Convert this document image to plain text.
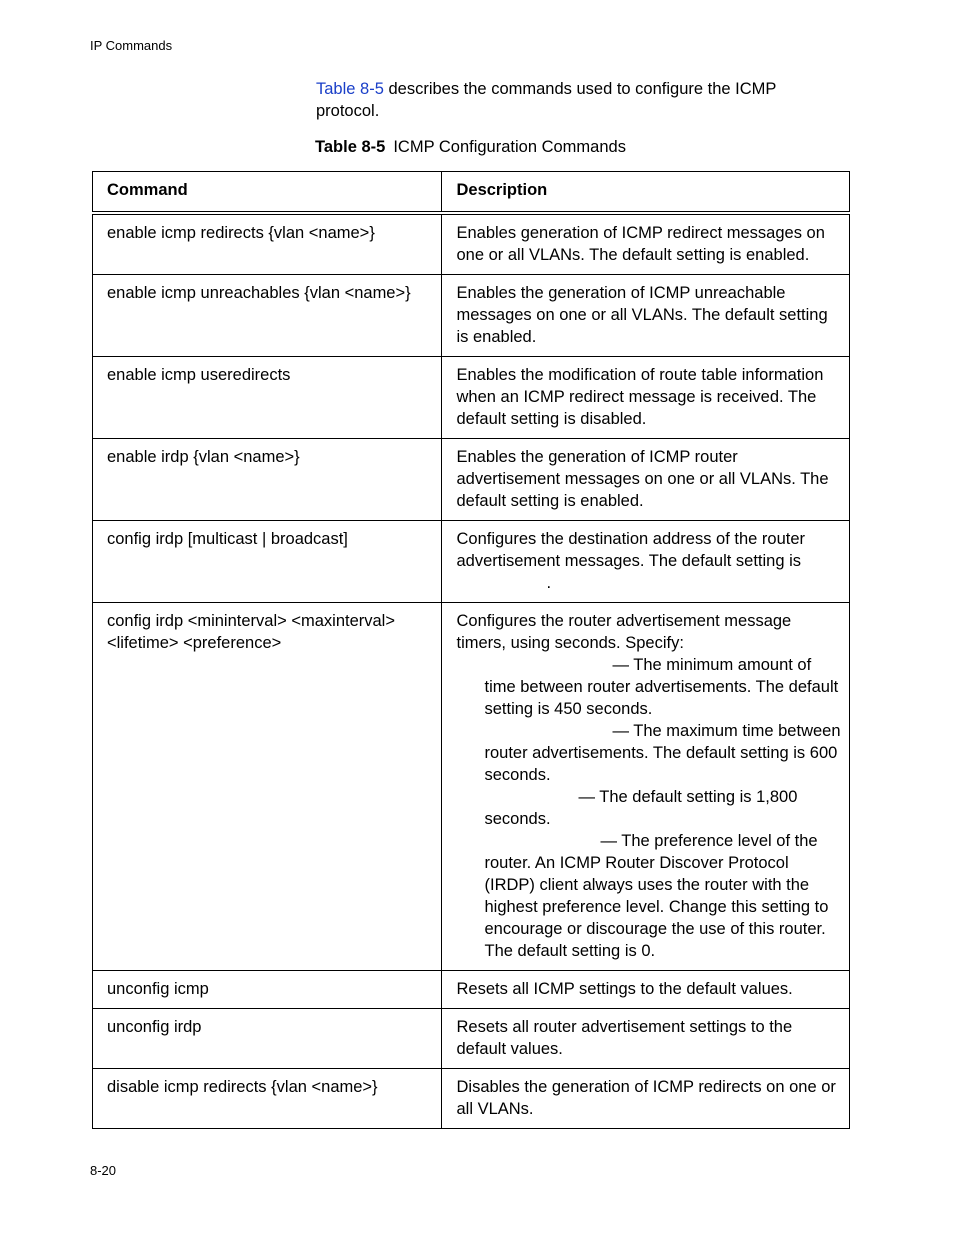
IP Commands
Table 8-5 describes the commands used to configure the ICMP protocol.
Table 8-5 ICMP Configuration Commands
Command	Description
enable icmp redirects {vlan <name>}	Enables generation of ICMP redirect messages on one or all VLANs. The default setting is enabled.
enable icmp unreachables {vlan <name>}	Enables the generation of ICMP unreachable messages on one or all VLANs. The default setting is enabled.
enable icmp useredirects	Enables the modification of route table information when an ICMP redirect message is received. The default setting is disabled.
enable irdp {vlan <name>}	Enables the generation of ICMP router advertisement messages on one or all VLANs. The default setting is enabled.
config irdp [multicast | broadcast]	Configures the destination address of the router advertisement messages. The default setting is
.

config irdp <mininterval> <maxinterval> <lifetime> <preference>	Configures the router advertisement message timers, using seconds. Specify:
— The minimum amount of time between router advertisements. The default setting is 450 seconds.
— The maximum time between router advertisements. The default setting is 600 seconds.
— The default setting is 1,800 seconds.
— The preference level of the router. An ICMP Router Discover Protocol (IRDP) client always uses the router with the highest preference level. Change this setting to encourage or discourage the use of this router. The default setting is 0.

unconfig icmp	Resets all ICMP settings to the default values.
unconfig irdp	Resets all router advertisement settings to the default values.
disable icmp redirects {vlan <name>}	Disables the generation of ICMP redirects on one or all VLANs.
8-20
